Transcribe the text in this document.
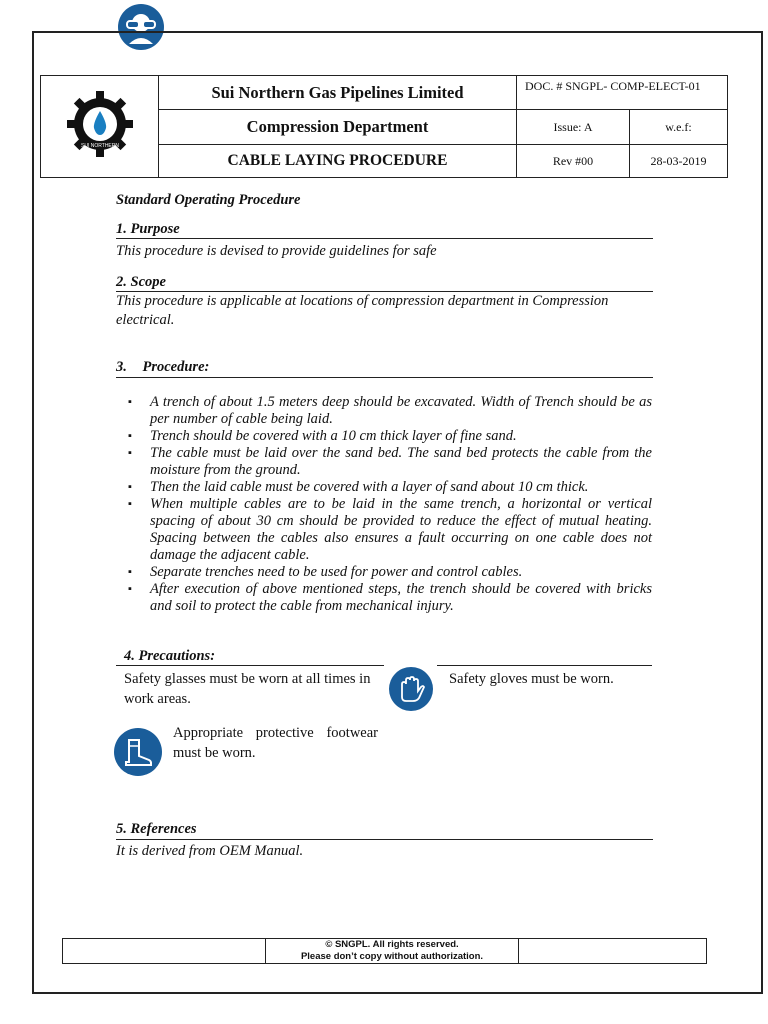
SUI NORTHERN	Sui Northern Gas Pipelines Limited	DOC. # SNGPL- COMP-ELECT-01	
	Compression Department	Issue: A	w.e.f:
	CABLE LAYING PROCEDURE	Rev #00	28-03-2019
Standard Operating Procedure
1. Purpose
This procedure is devised to provide guidelines for safe
2. Scope
This procedure is applicable at locations of compression department in Compression electrical.
3. Procedure:
▪ A trench of about 1.5 meters deep should be excavated. Width of Trench should be as per number of cable being laid.
▪ Trench should be covered with a 10 cm thick layer of fine sand.
▪ The cable must be laid over the sand bed. The sand bed protects the cable from the moisture from the ground.
▪ Then the laid cable must be covered with a layer of sand about 10 cm thick.
▪ When multiple cables are to be laid in the same trench, a horizontal or vertical spacing of about 30 cm should be provided to reduce the effect of mutual heating. Spacing between the cables also ensures a fault occurring on one cable does not damage the adjacent cable.
▪ Separate trenches need to be used for power and control cables.
▪ After execution of above mentioned steps, the trench should be covered with bricks and soil to protect the cable from mechanical injury.
4. Precautions:
Safety glasses must be worn at all times in work areas.
Safety gloves must be worn.
Appropriate protective footwear must be worn.
5. References
It is derived from OEM Manual.

© SNGPL. All rights reserved.
Please don’t copy without authorization.
